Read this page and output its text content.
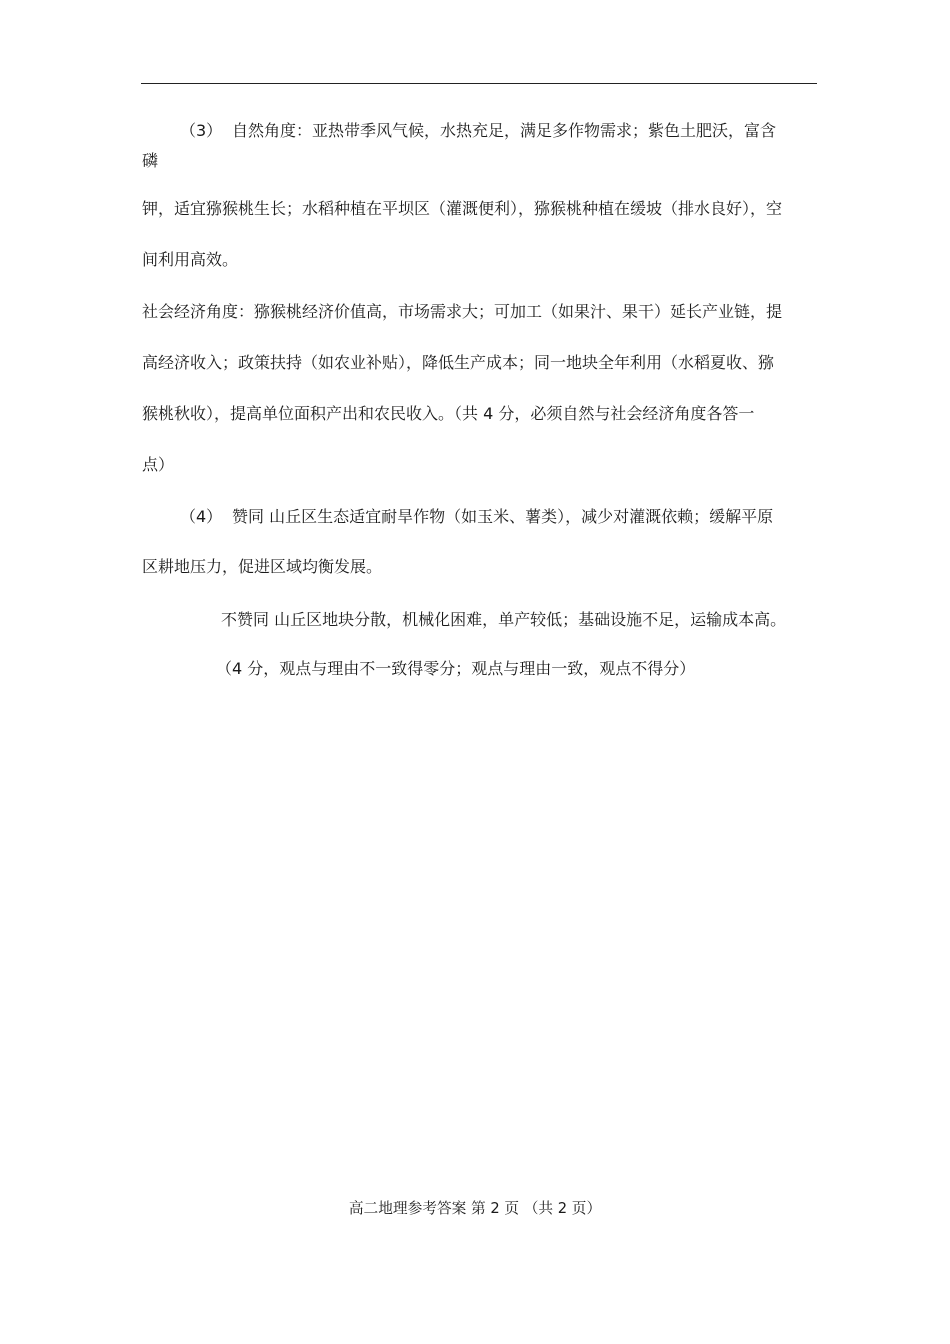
（3） 自然角度：亚热带季风气候，水热充足，满足多作物需求；紫色土肥沃，富含
磷
钾，适宜猕猴桃生长；水稻种植在平坝区（灌溉便利），猕猴桃种植在缓坡（排水良好），空
间利用高效。
社会经济角度：猕猴桃经济价值高，市场需求大；可加工（如果汁、果干）延长产业链，提
高经济收入；政策扶持（如农业补贴），降低生产成本；同一地块全年利用（水稻夏收、猕
猴桃秋收），提高单位面积产出和农民收入。（共 4 分，必须自然与社会经济角度各答一
点）
（4） 赞同 山丘区生态适宜耐旱作物（如玉米、薯类），减少对灌溉依赖；缓解平原
区耕地压力，促进区域均衡发展。
不赞同 山丘区地块分散，机械化困难，单产较低；基础设施不足，运输成本高。
（4 分，观点与理由不一致得零分；观点与理由一致，观点不得分）
高二地理参考答案 第 2 页 （共 2 页）
